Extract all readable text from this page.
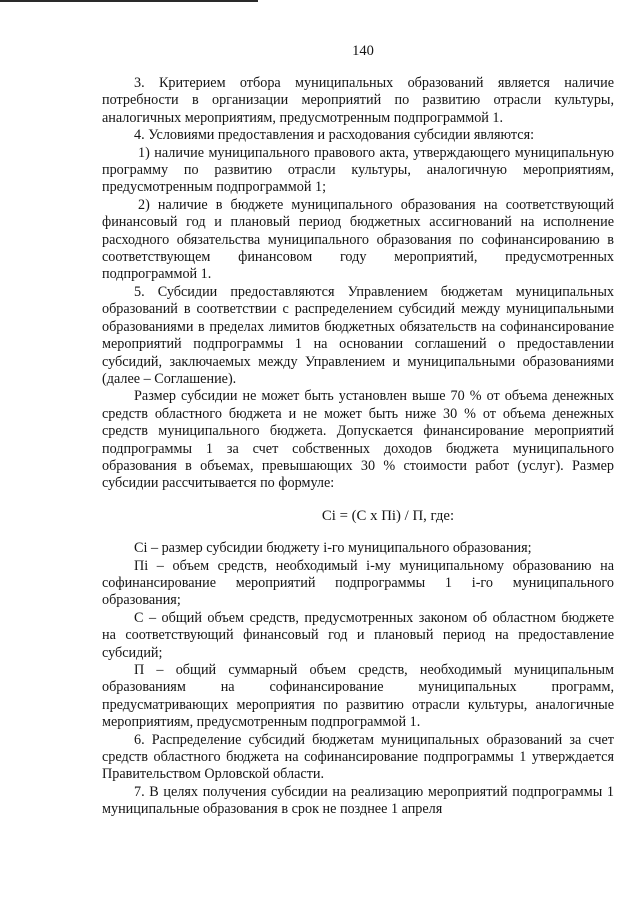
140

3. Критерием отбора муниципальных образований является наличие потребности в организации мероприятий по развитию отрасли культуры, аналогичных мероприятиям, предусмотренным подпрограммой 1.

4. Условиями предоставления и расходования субсидии являются:

1) наличие муниципального правового акта, утверждающего муниципальную программу по развитию отрасли культуры, аналогичную мероприятиям, предусмотренным подпрограммой 1;

2) наличие в бюджете муниципального образования на соответствующий финансовый год и плановый период бюджетных ассигнований на исполнение расходного обязательства муниципального образования по софинансированию в соответствующем финансовом году мероприятий, предусмотренных подпрограммой 1.

5. Субсидии предоставляются Управлением бюджетам муниципальных образований в соответствии с распределением субсидий между муниципальными образованиями в пределах лимитов бюджетных обязательств на софинансирование мероприятий подпрограммы 1 на основании соглашений о предоставлении субсидий, заключаемых между Управлением и муниципальными образованиями (далее – Соглашение).

Размер субсидии не может быть установлен выше 70 % от объема денежных средств областного бюджета и не может быть ниже 30 % от объема денежных средств муниципального бюджета. Допускается финансирование мероприятий подпрограммы 1 за счет собственных доходов бюджета муниципального образования в объемах, превышающих 30 % стоимости работ (услуг). Размер субсидии рассчитывается по формуле:

Ci = (С х Пi) / П, где:

Ci – размер субсидии бюджету i-го муниципального образования;

Пi – объем средств, необходимый i-му муниципальному образованию на софинансирование мероприятий подпрограммы 1 i-го муниципального образования;

С – общий объем средств, предусмотренных законом об областном бюджете на соответствующий финансовый год и плановый период на предоставление субсидий;

П – общий суммарный объем средств, необходимый муниципальным образованиям на софинансирование муниципальных программ, предусматривающих мероприятия по развитию отрасли культуры, аналогичные мероприятиям, предусмотренным подпрограммой 1.

6. Распределение субсидий бюджетам муниципальных образований за счет средств областного бюджета на софинансирование подпрограммы 1 утверждается Правительством Орловской области.

7. В целях получения субсидии на реализацию мероприятий подпрограммы 1 муниципальные образования в срок не позднее 1 апреля
